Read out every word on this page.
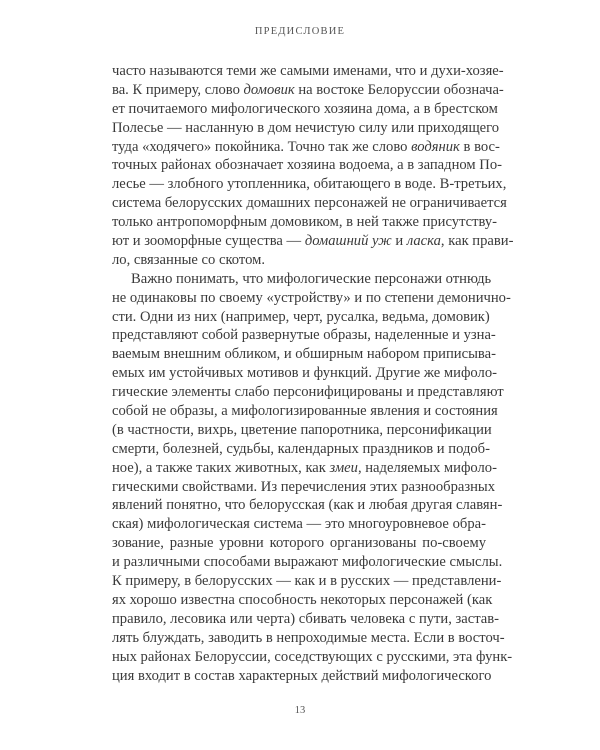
ПРЕДИСЛОВИЕ
часто называются теми же самыми именами, что и духи-хозяе-
ва. К примеру, слово домовик на востоке Белоруссии обознача-
ет почитаемого мифологического хозяина дома, а в брестском
Полесье — насланную в дом нечистую силу или приходящего
туда «ходячего» покойника. Точно так же слово водяник в вос-
точных районах обозначает хозяина водоема, а в западном По-
лесье — злобного утопленника, обитающего в воде. В-третьих,
система белорусских домашних персонажей не ограничивается
только антропоморфным домовиком, в ней также присутству-
ют и зооморфные существа — домашний уж и ласка, как прави-
ло, связанные со скотом.
Важно понимать, что мифологические персонажи отнюдь
не одинаковы по своему «устройству» и по степени демонично-
сти. Одни из них (например, черт, русалка, ведьма, домовик)
представляют собой развернутые образы, наделенные и узна-
ваемым внешним обликом, и обширным набором приписыва-
емых им устойчивых мотивов и функций. Другие же мифоло-
гические элементы слабо персонифицированы и представляют
собой не образы, а мифологизированные явления и состояния
(в частности, вихрь, цветение папоротника, персонификации
смерти, болезней, судьбы, календарных праздников и подоб-
ное), а также таких животных, как змеи, наделяемых мифоло-
гическими свойствами. Из перечисления этих разнообразных
явлений понятно, что белорусская (как и любая другая славян-
ская) мифологическая система — это многоуровневое обра-
зование, разные уровни которого организованы по-своему
и различными способами выражают мифологические смыслы.
К примеру, в белорусских — как и в русских — представлени-
ях хорошо известна способность некоторых персонажей (как
правило, лесовика или черта) сбивать человека с пути, застав-
лять блуждать, заводить в непроходимые места. Если в восточ-
ных районах Белоруссии, соседствующих с русскими, эта функ-
ция входит в состав характерных действий мифологического
13
